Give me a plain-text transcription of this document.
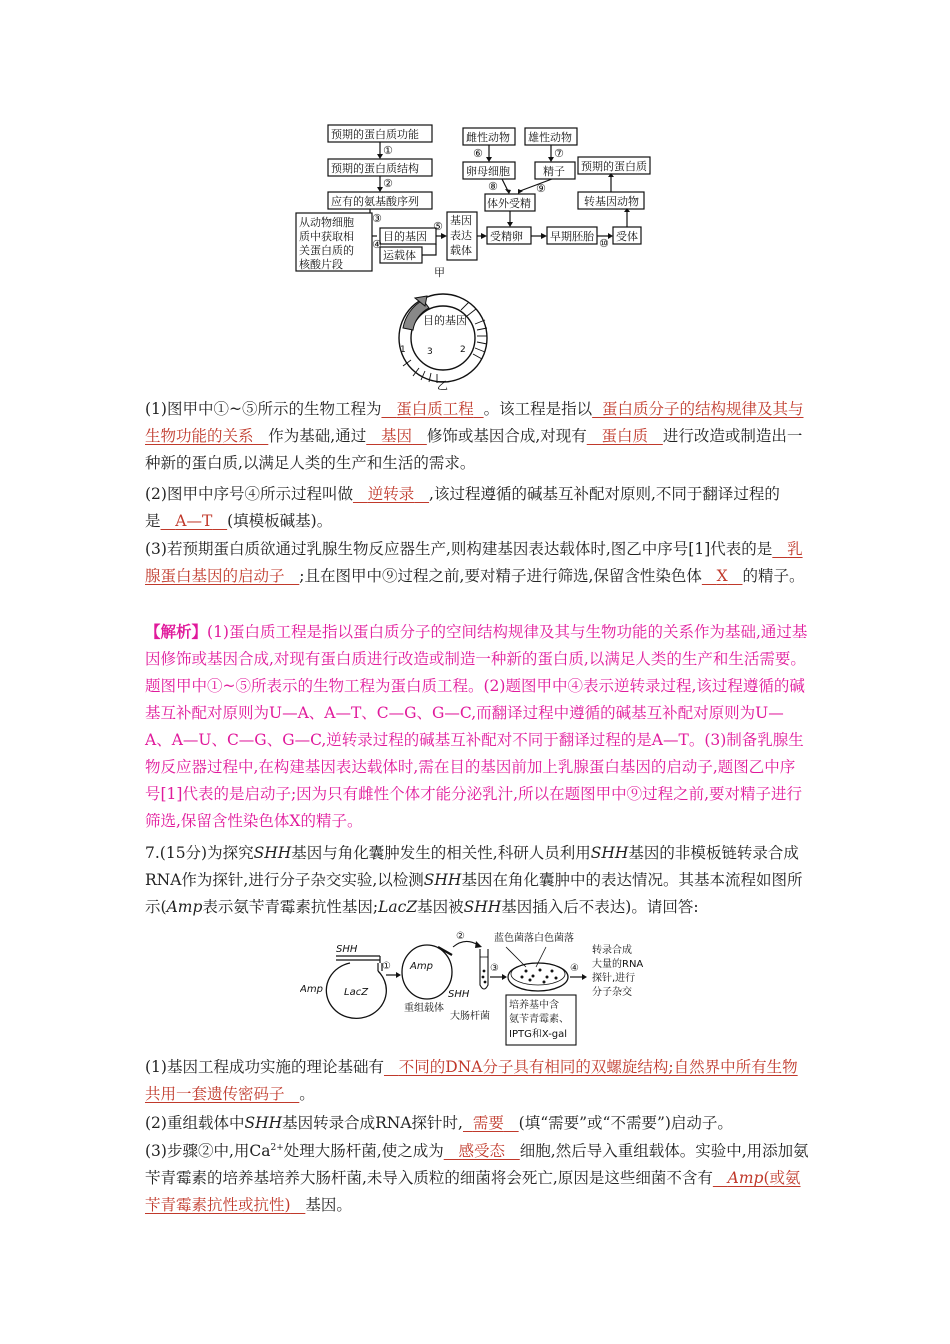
预期的蛋白质功能
预期的蛋白质结构
应有的氨基酸序列
从动物细胞
质中获取相
关蛋白质的
核酸片段
目的基因
运载体
基因
表达
载体
受精卵
雌性动物 雄性动物
卵母细胞	精子
体外受精
早期胚胎 受体
转基因动物
预期的蛋白质
①
②
③
④
⑤
⑥	⑦
⑧	⑨
⑩
甲
目的基因
1	2
3
乙
(1)图甲中①~⑤所示的生物工程为 蛋白质工程 。该工程是指以 蛋白质分子的结构规律及其与生物功能的关系 作为基础,通过 基因 修饰或基因合成,对现有 蛋白质 进行改造或制造出一种新的蛋白质,以满足人类的生产和生活的需求。
(2)图甲中序号④所示过程叫做 逆转录 ,该过程遵循的碱基互补配对原则,不同于翻译过程的是 A—T (填模板碱基)。
(3)若预期蛋白质欲通过乳腺生物反应器生产,则构建基因表达载体时,图乙中序号[1]代表的是 乳腺蛋白基因的启动子 ;且在图甲中⑨过程之前,要对精子进行筛选,保留含性染色体 X 的精子。
【解析】(1)蛋白质工程是指以蛋白质分子的空间结构规律及其与生物功能的关系作为基础,通过基因修饰或基因合成,对现有蛋白质进行改造或制造一种新的蛋白质,以满足人类的生产和生活需要。题图甲中①~⑤所表示的生物工程为蛋白质工程。(2)题图甲中④表示逆转录过程,该过程遵循的碱基互补配对原则为U—A、A—T、C—G、G—C,而翻译过程中遵循的碱基互补配对原则为U—A、A—U、C—G、G—C,逆转录过程的碱基互补配对不同于翻译过程的是A—T。(3)制备乳腺生物反应器过程中,在构建基因表达载体时,需在目的基因前加上乳腺蛋白基因的启动子,题图乙中序号[1]代表的是启动子;因为只有雌性个体才能分泌乳汁,所以在题图甲中⑨过程之前,要对精子进行筛选,保留含性染色体X的精子。
7.(15分)为探究SHH基因与角化囊肿发生的相关性,科研人员利用SHH基因的非模板链转录合成RNA作为探针,进行分子杂交实验,以检测SHH基因在角化囊肿中的表达情况。其基本流程如图所示(Amp表示氨苄青霉素抗性基因;LacZ基因被SHH基因插入后不表达)。请回答:
SHH
Amp LacZ
Amp
SHH
重组载体
大肠杆菌
蓝色菌落白色菌落
培养基中含
氨苄青霉素、
IPTG和X-gal
转录合成
大量的RNA
探针,进行
分子杂交
①
②
③	④
(1)基因工程成功实施的理论基础有 不同的DNA分子具有相同的双螺旋结构;自然界中所有生物共用一套遗传密码子 。
(2)重组载体中SHH基因转录合成RNA探针时, 需要 (填“需要”或“不需要”)启动子。
(3)步骤②中,用$Ca^{2+}$处理大肠杆菌,使之成为 感受态 细胞,然后导入重组载体。实验中,用添加氨苄青霉素的培养基培养大肠杆菌,未导入质粒的细菌将会死亡,原因是这些细菌不含有 Amp(或氨苄青霉素抗性或抗性) 基因。
